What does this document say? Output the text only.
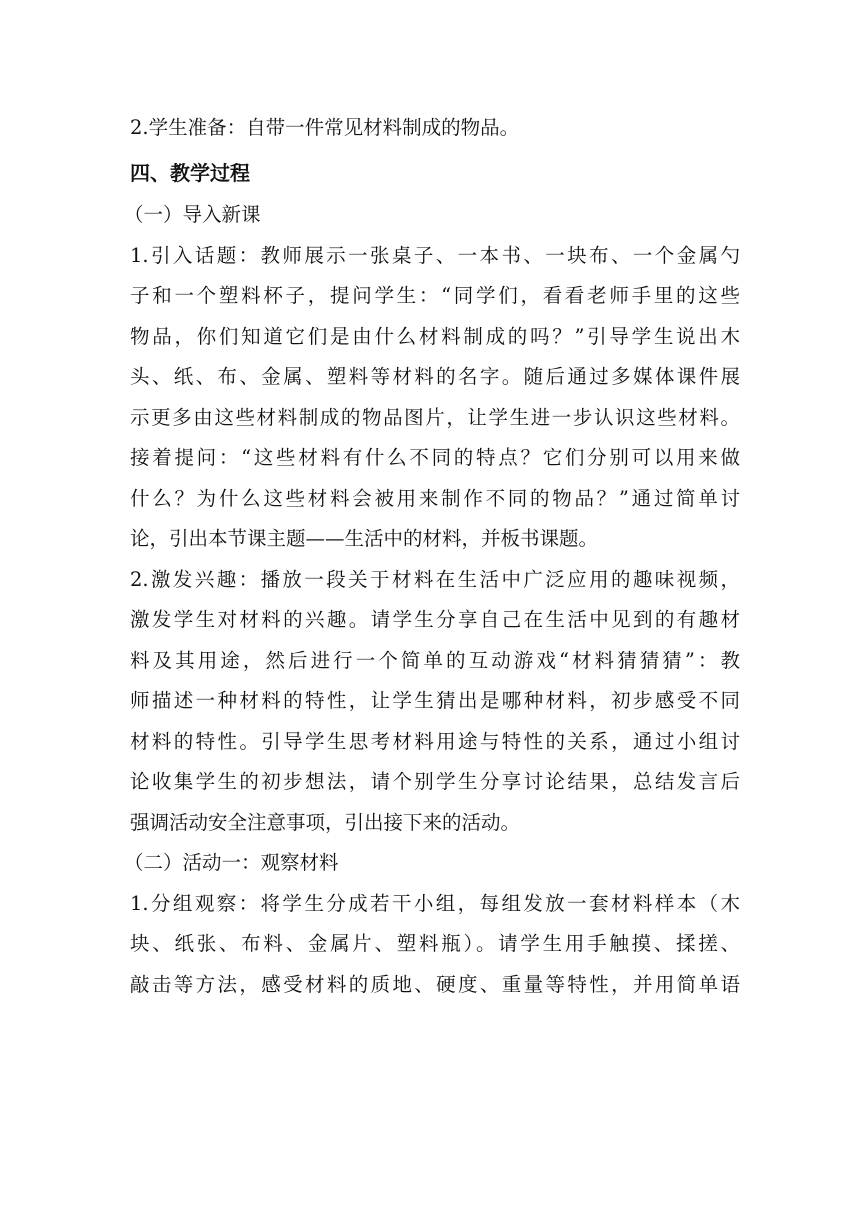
2.学生准备：自带一件常见材料制成的物品。
四、教学过程
（一）导入新课
1.引入话题：教师展示一张桌子、一本书、一块布、一个金属勺
子和一个塑料杯子，提问学生：“同学们，看看老师手里的这些
物品，你们知道它们是由什么材料制成的吗？”引导学生说出木
头、纸、布、金属、塑料等材料的名字。随后通过多媒体课件展
示更多由这些材料制成的物品图片，让学生进一步认识这些材料。
接着提问：“这些材料有什么不同的特点？它们分别可以用来做
什么？为什么这些材料会被用来制作不同的物品？”通过简单讨
论，引出本节课主题——生活中的材料，并板书课题。
2.激发兴趣：播放一段关于材料在生活中广泛应用的趣味视频，
激发学生对材料的兴趣。请学生分享自己在生活中见到的有趣材
料及其用途，然后进行一个简单的互动游戏“材料猜猜猜”：教
师描述一种材料的特性，让学生猜出是哪种材料，初步感受不同
材料的特性。引导学生思考材料用途与特性的关系，通过小组讨
论收集学生的初步想法，请个别学生分享讨论结果，总结发言后
强调活动安全注意事项，引出接下来的活动。
（二）活动一：观察材料
1.分组观察：将学生分成若干小组，每组发放一套材料样本（木
块、纸张、布料、金属片、塑料瓶）。请学生用手触摸、揉搓、
敲击等方法，感受材料的质地、硬度、重量等特性，并用简单语
